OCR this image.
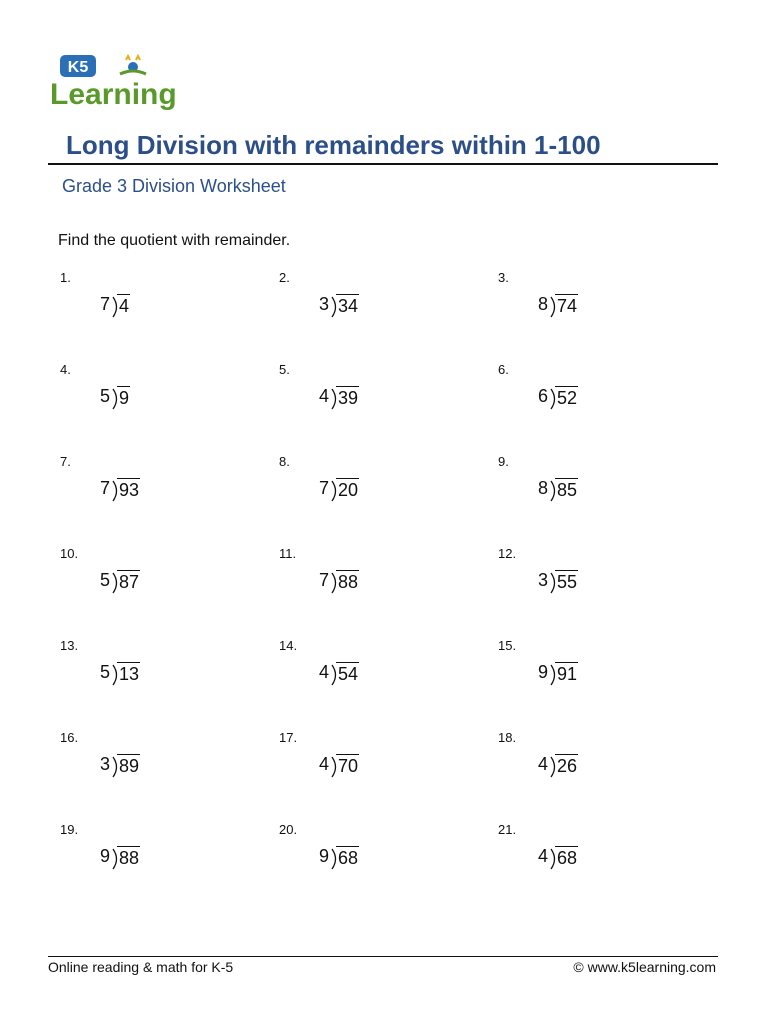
K5
Learning
Long Division with remainders within 1-100
Grade 3 Division Worksheet
Find the quotient with remainder.
1.
7 4
2.
3 34
3.
8 74
4.
5 9
5.
4 39
6.
6 52
7.
7 93
8.
7 20
9.
8 85
10.
5 87
11.
7 88
12.
3 55
13.
5 13
14.
4 54
15.
9 91
16.
3 89
17.
4 70
18.
4 26
19.
9 88
20.
9 68
21.
4 68
Online reading & math for K-5	© www.k5learning.com
